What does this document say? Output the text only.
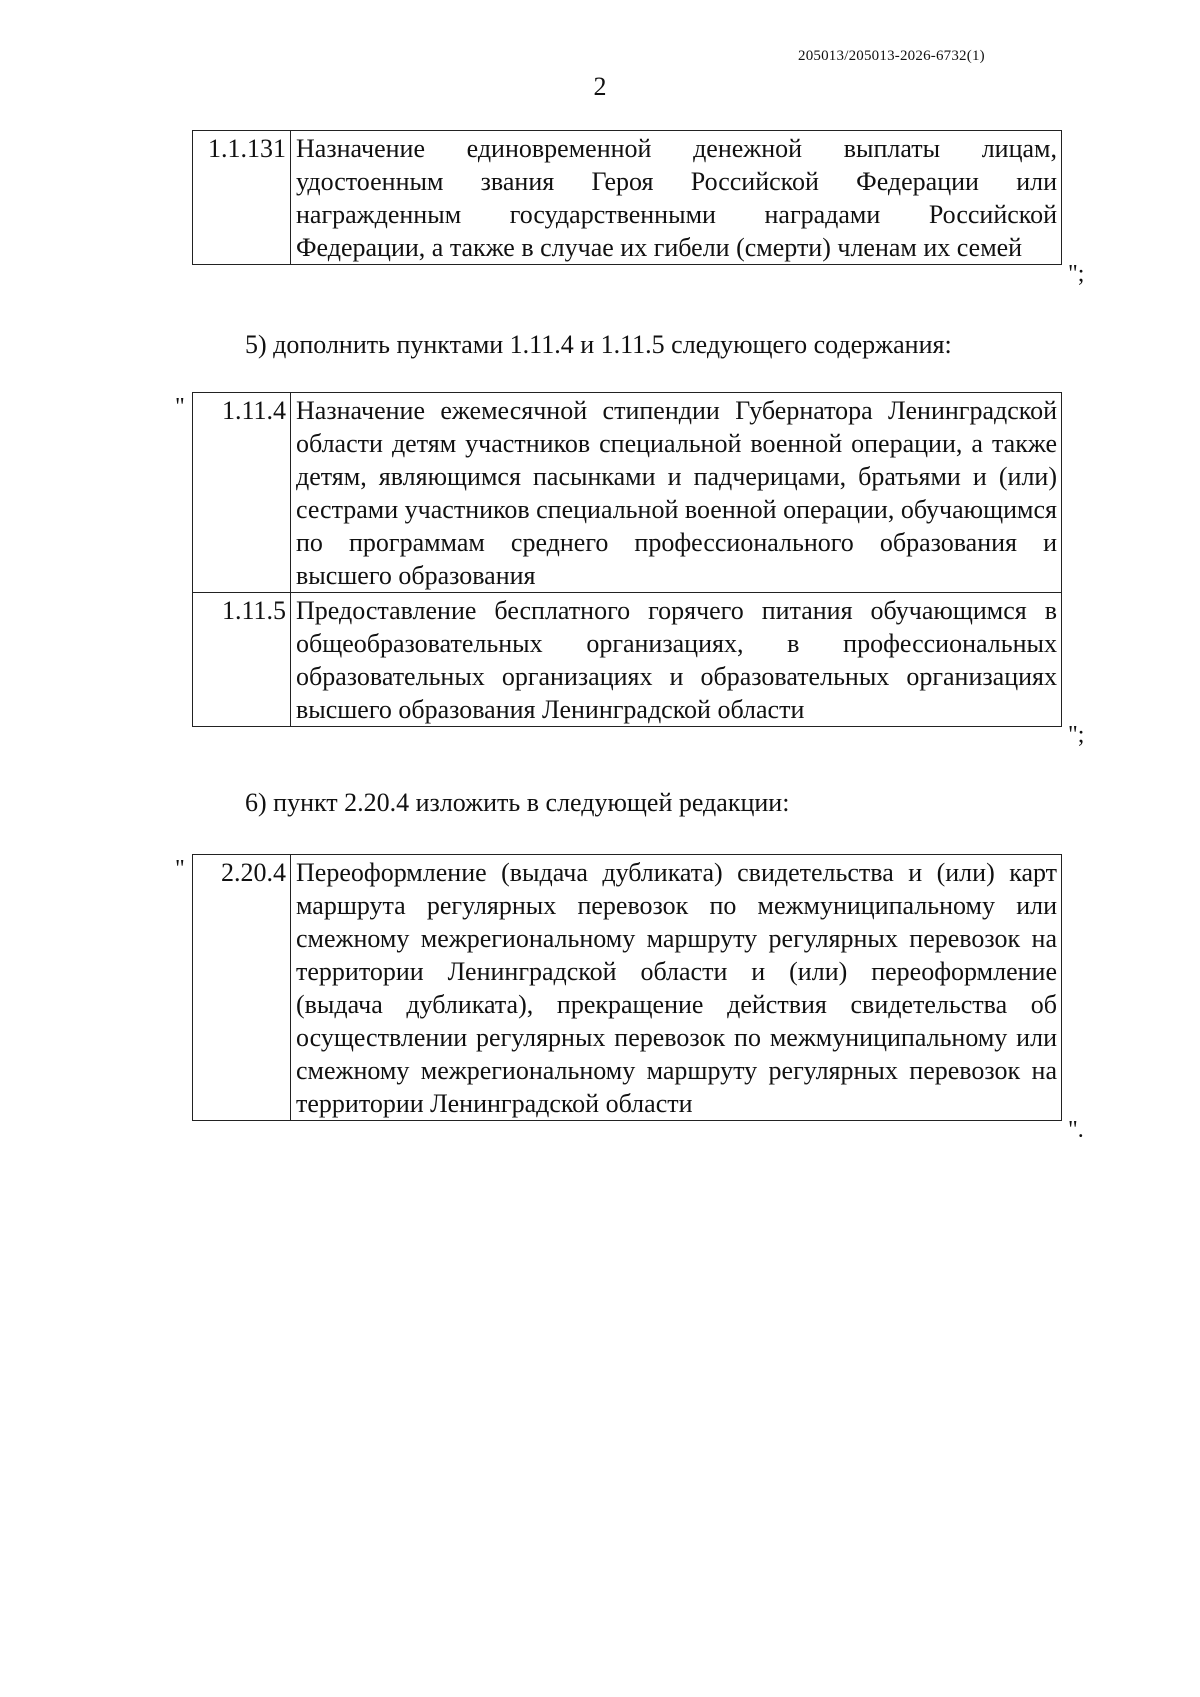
205013/205013-2026-6732(1)
2
1.1.131	Назначение единовременной денежной выплаты лицам, удостоенным звания Героя Российской Федерации или награжденным государственными наградами Российской Федерации, а также в случае их гибели (смерти) членам их семей
";
5) дополнить пунктами 1.11.4 и 1.11.5 следующего содержания:
" 1.11.4	Назначение ежемесячной стипендии Губернатора Ленинградской области детям участников специальной военной операции, а также детям, являющимся пасынками и падчерицами, братьями и (или) сестрами участников специальной военной операции, обучающимся по программам среднего профессионального образования и высшего образования
1.11.5	Предоставление бесплатного горячего питания обучающимся в общеобразовательных организациях, в профессиональных образовательных организациях и образовательных организациях высшего образования Ленинградской области
";
6) пункт 2.20.4 изложить в следующей редакции:
" 2.20.4	Переоформление (выдача дубликата) свидетельства и (или) карт маршрута регулярных перевозок по межмуниципальному или смежному межрегиональному маршруту регулярных перевозок на территории Ленинградской области и (или) переоформление (выдача дубликата), прекращение действия свидетельства об осуществлении регулярных перевозок по межмуниципальному или смежному межрегиональному маршруту регулярных перевозок на территории Ленинградской области
".
